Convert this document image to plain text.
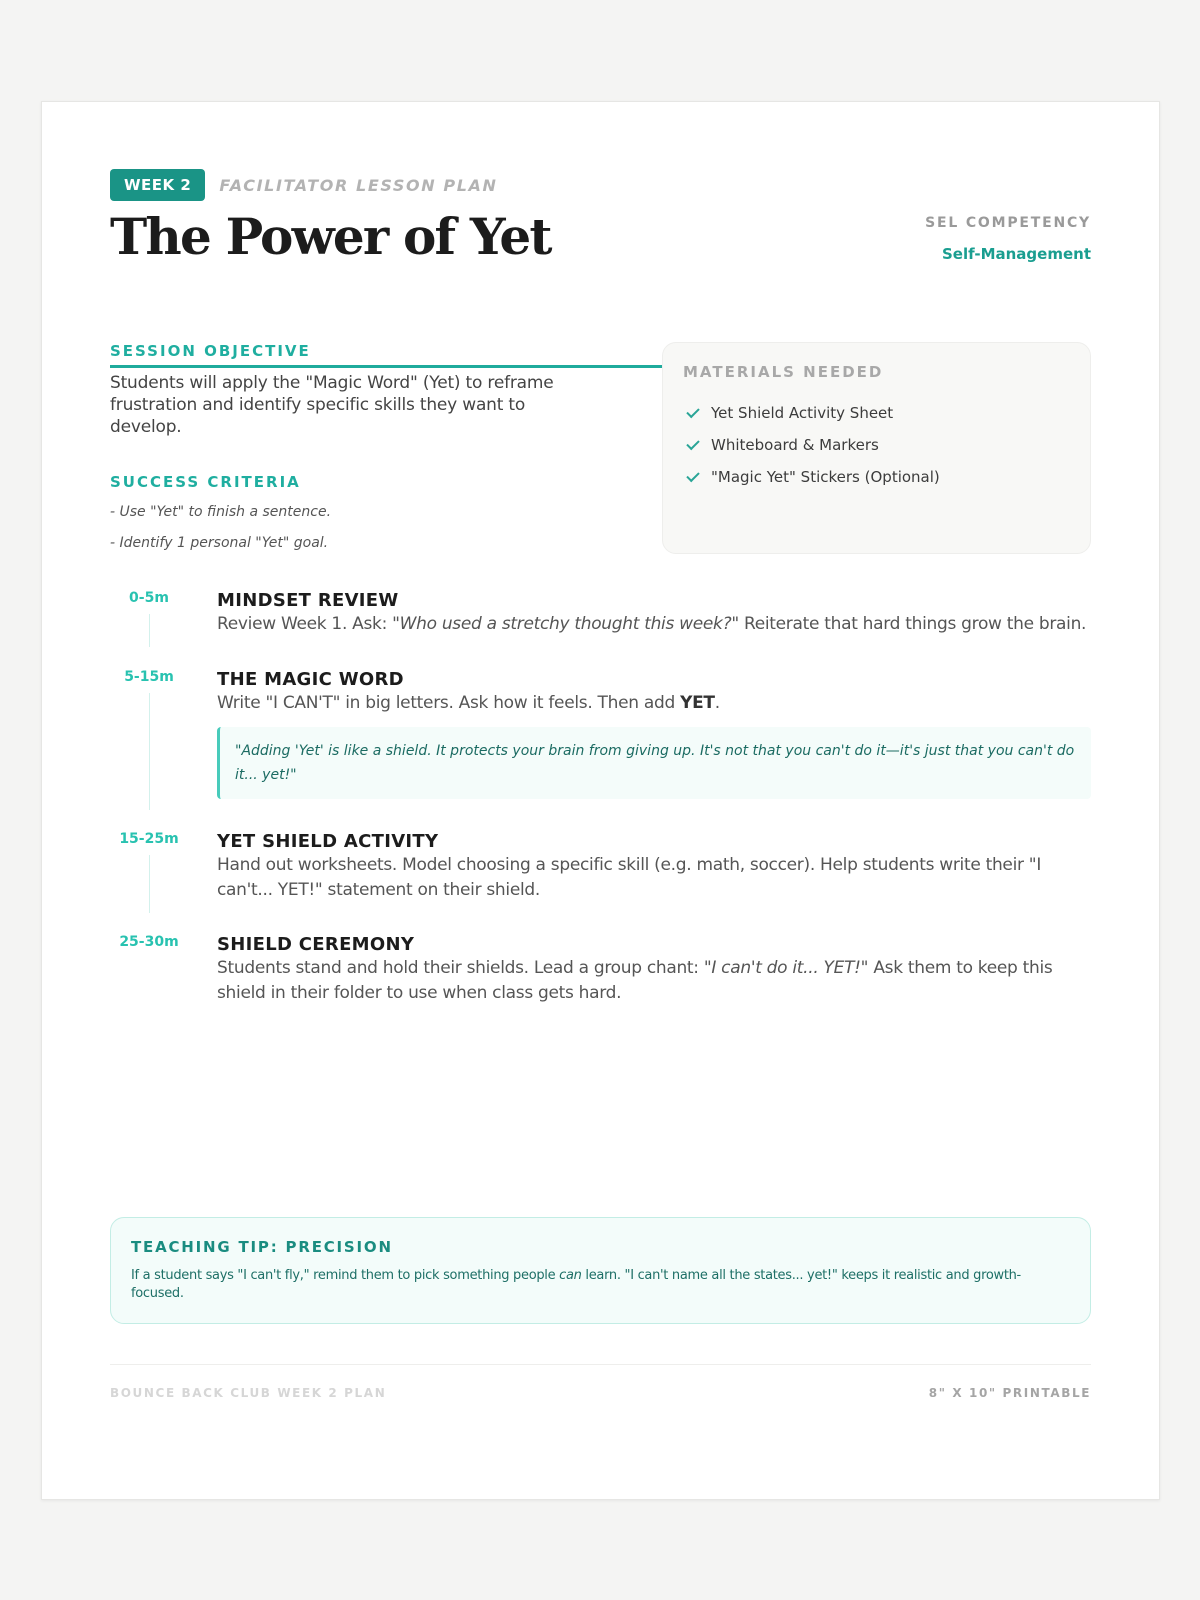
WEEK 2	FACILITATOR LESSON PLAN
The Power of Yet	SEL COMPETENCY
Self-Management
SESSION OBJECTIVE

Students will apply the "Magic Word" (Yet) to reframe frustration and identify specific skills they want to develop.

SUCCESS CRITERIA
- Use "Yet" to finish a sentence.
- Identify 1 personal "Yet" goal.
MATERIALS NEEDED
Yet Shield Activity Sheet
Whiteboard & Markers
"Magic Yet" Stickers (Optional)
0-5m	MINDSET REVIEW
Review Week 1. Ask: "Who used a stretchy thought this week?" Reiterate that hard things grow the brain.
5-15m	THE MAGIC WORD
Write "I CAN'T" in big letters. Ask how it feels. Then add YET.
"Adding 'Yet' is like a shield. It protects your brain from giving up. It's not that you can't do it—it's just that you can't do it... yet!"
15-25m	YET SHIELD ACTIVITY
Hand out worksheets. Model choosing a specific skill (e.g. math, soccer). Help students write their "I can't... YET!" statement on their shield.
25-30m	SHIELD CEREMONY
Students stand and hold their shields. Lead a group chant: "I can't do it... YET!" Ask them to keep this shield in their folder to use when class gets hard.
TEACHING TIP: PRECISION
If a student says "I can't fly," remind them to pick something people can learn. "I can't name all the states... yet!" keeps it realistic and growth-focused.
BOUNCE BACK CLUB WEEK 2 PLAN	8" X 10" PRINTABLE
